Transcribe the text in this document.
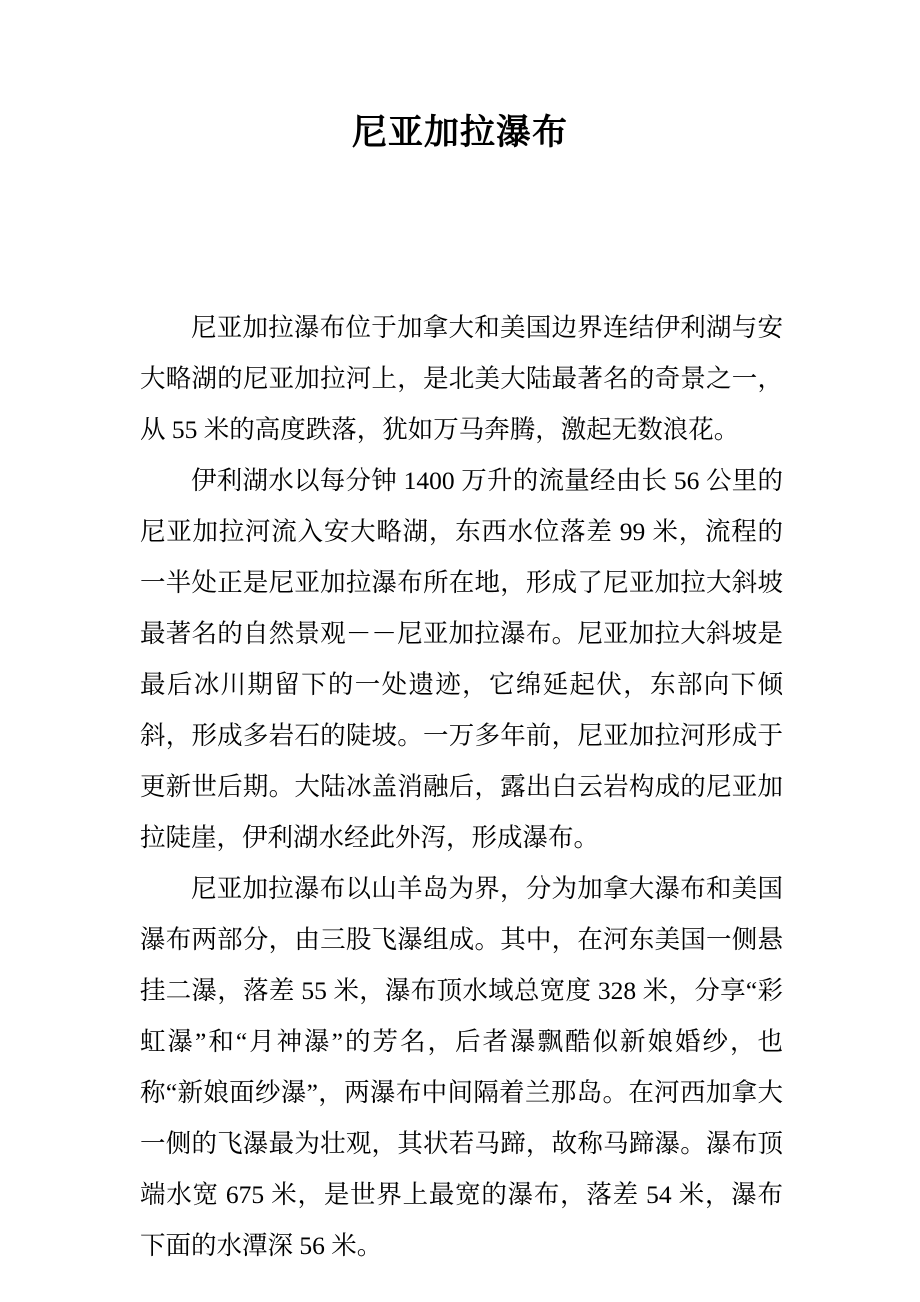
尼亚加拉瀑布

尼亚加拉瀑布位于加拿大和美国边界连结伊利湖与安大略湖的尼亚加拉河上，是北美大陆最著名的奇景之一，从 55 米的高度跌落，犹如万马奔腾，激起无数浪花。

伊利湖水以每分钟 1400 万升的流量经由长 56 公里的尼亚加拉河流入安大略湖，东西水位落差 99 米，流程的一半处正是尼亚加拉瀑布所在地，形成了尼亚加拉大斜坡最著名的自然景观－－尼亚加拉瀑布。尼亚加拉大斜坡是最后冰川期留下的一处遗迹，它绵延起伏，东部向下倾斜，形成多岩石的陡坡。一万多年前，尼亚加拉河形成于更新世后期。大陆冰盖消融后，露出白云岩构成的尼亚加拉陡崖，伊利湖水经此外泻，形成瀑布。

尼亚加拉瀑布以山羊岛为界，分为加拿大瀑布和美国瀑布两部分，由三股飞瀑组成。其中，在河东美国一侧悬挂二瀑，落差 55 米，瀑布顶水域总宽度 328 米，分享“彩虹瀑”和“月神瀑”的芳名，后者瀑飘酷似新娘婚纱，也称“新娘面纱瀑”，两瀑布中间隔着兰那岛。在河西加拿大一侧的飞瀑最为壮观，其状若马蹄，故称马蹄瀑。瀑布顶端水宽 675 米，是世界上最宽的瀑布，落差 54 米，瀑布下面的水潭深 56 米。
